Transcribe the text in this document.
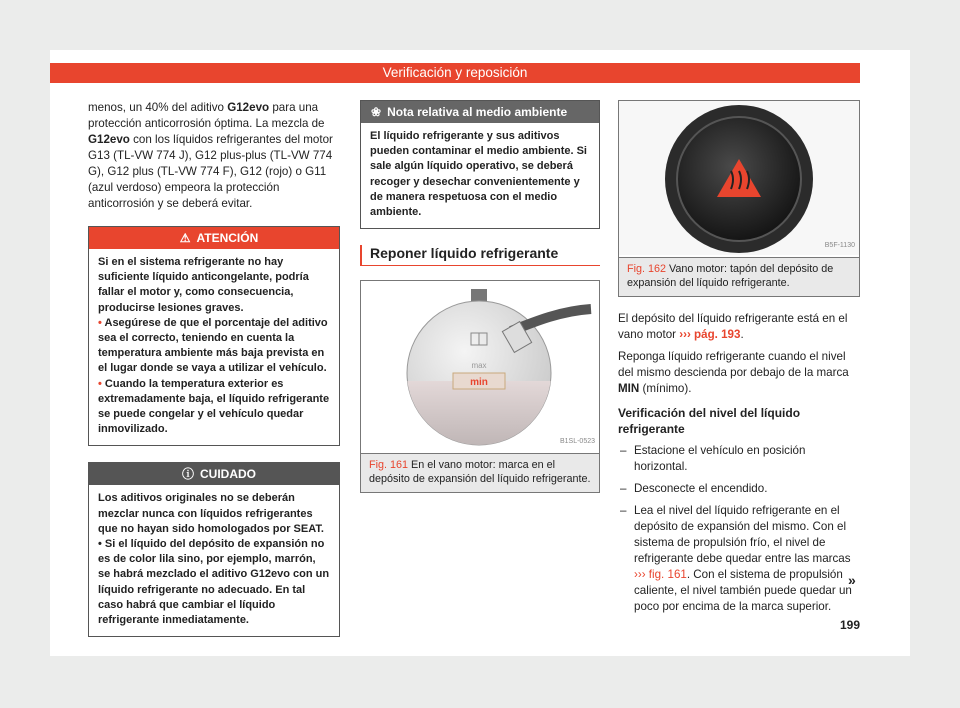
Verificación y reposición

menos, un 40% del aditivo G12evo para una protección anticorrosión óptima. La mezcla de G12evo con los líquidos refrigerantes del motor G13 (TL-VW 774 J), G12 plus-plus (TL-VW 774 G), G12 plus (TL-VW 774 F), G12 (rojo) o G11 (azul verdoso) empeora la protección anticorrosión y se deberá evitar.

⚠ ATENCIÓN

Si en el sistema refrigerante no hay suficiente líquido anticongelante, podría fallar el motor y, como consecuencia, producirse lesiones graves.

• Asegúrese de que el porcentaje del aditivo sea el correcto, teniendo en cuenta la temperatura ambiente más baja prevista en el lugar donde se vaya a utilizar el vehículo.

• Cuando la temperatura exterior es extremadamente baja, el líquido refrigerante se puede congelar y el vehículo quedar inmovilizado.

ⓘ CUIDADO

Los aditivos originales no se deberán mezclar nunca con líquidos refrigerantes que no hayan sido homologados por SEAT.

• Si el líquido del depósito de expansión no es de color lila sino, por ejemplo, marrón, se habrá mezclado el aditivo G12evo con un líquido refrigerante no adecuado. En tal caso habrá que cambiar el líquido refrigerante inmediatamente.

❀ Nota relativa al medio ambiente
El líquido refrigerante y sus aditivos pueden contaminar el medio ambiente. Si sale algún líquido operativo, se deberá recoger y desechar convenientemente y de manera respetuosa con el medio ambiente.
Reponer líquido refrigerante
min
max
B1SL-0523
Fig. 161 En el vano motor: marca en el depósito de expansión del líquido refrigerante.
B5F-1130
Fig. 162 Vano motor: tapón del depósito de expansión del líquido refrigerante.

El depósito del líquido refrigerante está en el vano motor ››› pág. 193.

Reponga líquido refrigerante cuando el nivel del mismo descienda por debajo de la marca MIN (mínimo).

Verificación del nivel del líquido refrigerante

– Estacione el vehículo en posición horizontal.
– Desconecte el encendido.
– Lea el nivel del líquido refrigerante en el depósito de expansión del mismo. Con el sistema de propulsión frío, el nivel de refrigerante debe quedar entre las marcas ››› fig. 161. Con el sistema de propulsión caliente, el nivel también puede quedar un poco por encima de la marca superior.
»
199
